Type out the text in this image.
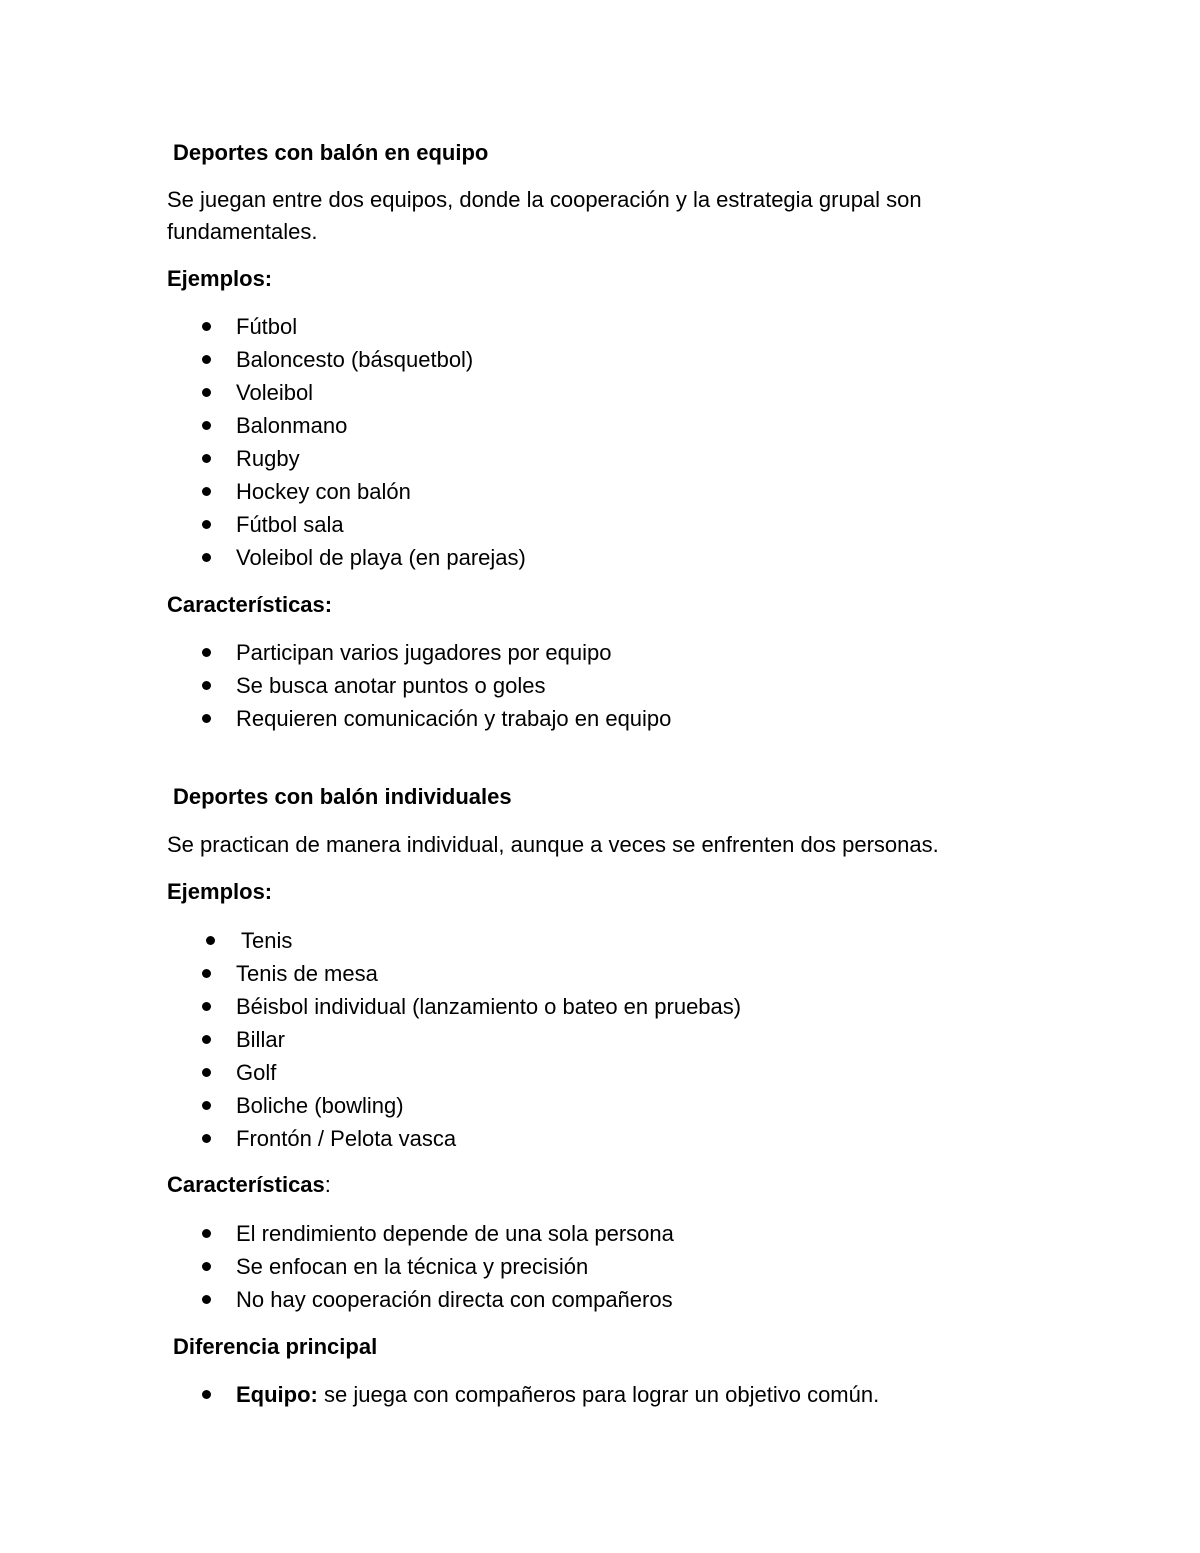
Deportes con balón en equipo
Se juegan entre dos equipos, donde la cooperación y la estrategia grupal son fundamentales.
Ejemplos:
Fútbol
Baloncesto (básquetbol)
Voleibol
Balonmano
Rugby
Hockey con balón
Fútbol sala
Voleibol de playa (en parejas)
Características:
Participan varios jugadores por equipo
Se busca anotar puntos o goles
Requieren comunicación y trabajo en equipo
Deportes con balón individuales
Se practican de manera individual, aunque a veces se enfrenten dos personas.
Ejemplos:
Tenis
Tenis de mesa
Béisbol individual (lanzamiento o bateo en pruebas)
Billar
Golf
Boliche (bowling)
Frontón / Pelota vasca
Características:
El rendimiento depende de una sola persona
Se enfocan en la técnica y precisión
No hay cooperación directa con compañeros
Diferencia principal
Equipo: se juega con compañeros para lograr un objetivo común.
